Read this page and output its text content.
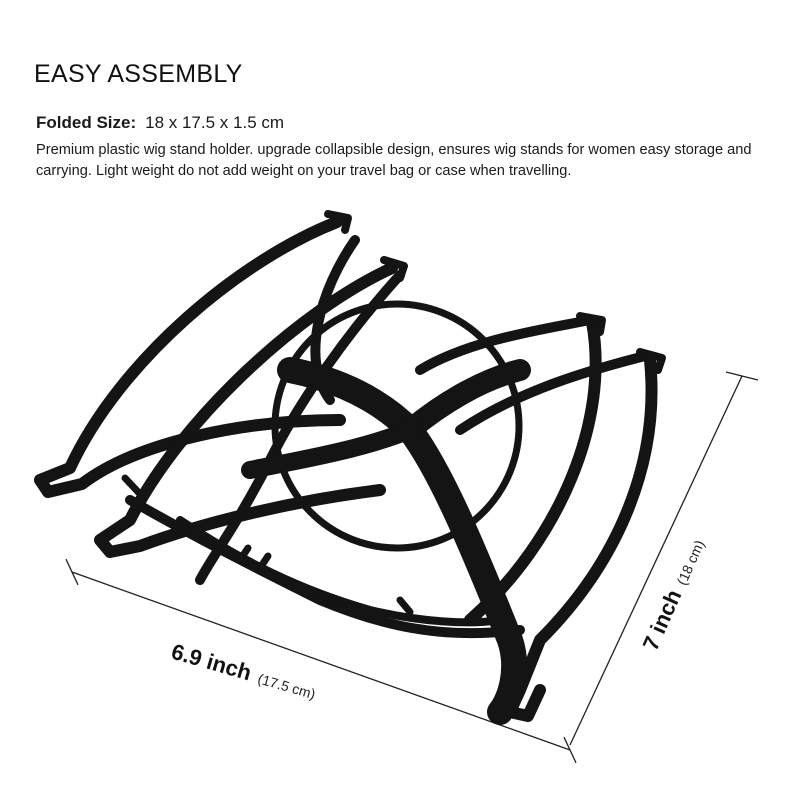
EASY ASSEMBLY
Folded Size: 18 x 17.5 x 1.5 cm

Premium plastic wig stand holder. upgrade collapsible design, ensures wig stands for women easy storage and carrying. Light weight do not add weight on your travel bag or case when travelling.

6.9 inch (17.5 cm)
7 inch (18 cm)
